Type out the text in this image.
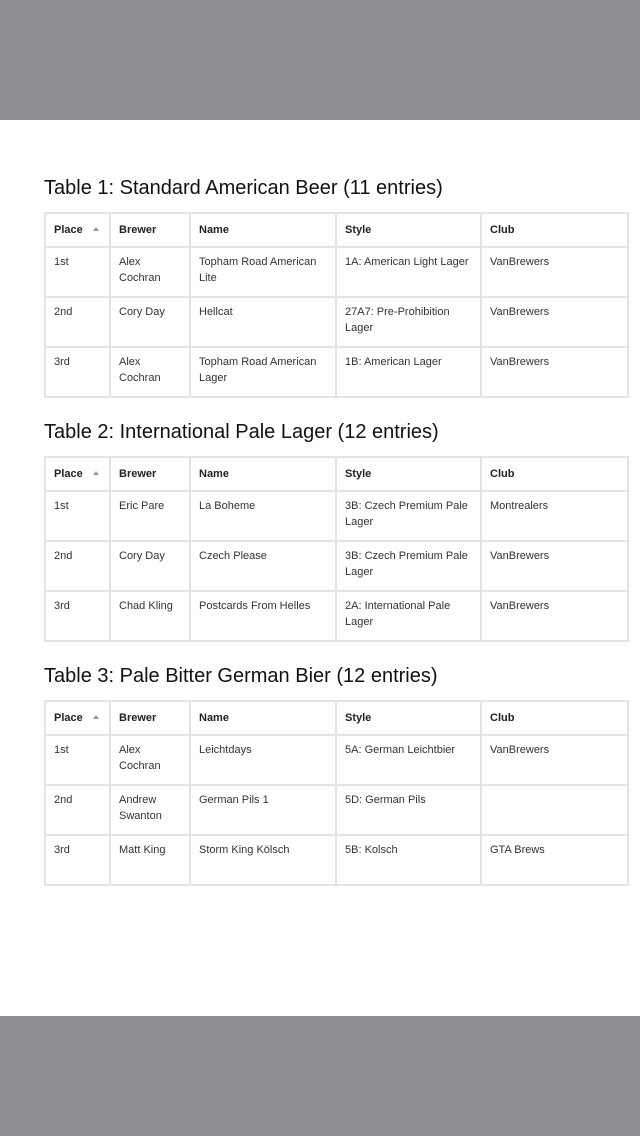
Table 1: Standard American Beer (11 entries)
Place	Brewer	Name	Style	Club
1st	Alex Cochran	Topham Road American Lite	1A: American Light Lager	VanBrewers
2nd	Cory Day	Hellcat	27A7: Pre-Prohibition Lager	VanBrewers
3rd	Alex Cochran	Topham Road American Lager	1B: American Lager	VanBrewers
Table 2: International Pale Lager (12 entries)
Place	Brewer	Name	Style	Club
1st	Eric Pare	La Boheme	3B: Czech Premium Pale Lager	Montrealers
2nd	Cory Day	Czech Please	3B: Czech Premium Pale Lager	VanBrewers
3rd	Chad Kling	Postcards From Helles	2A: International Pale Lager	VanBrewers
Table 3: Pale Bitter German Bier (12 entries)
Place	Brewer	Name	Style	Club
1st	Alex Cochran	Leichtdays	5A: German Leichtbier	VanBrewers
2nd	Andrew Swanton	German Pils 1	5D: German Pils	
3rd	Matt King	Storm King Kölsch	5B: Kolsch	GTA Brews
